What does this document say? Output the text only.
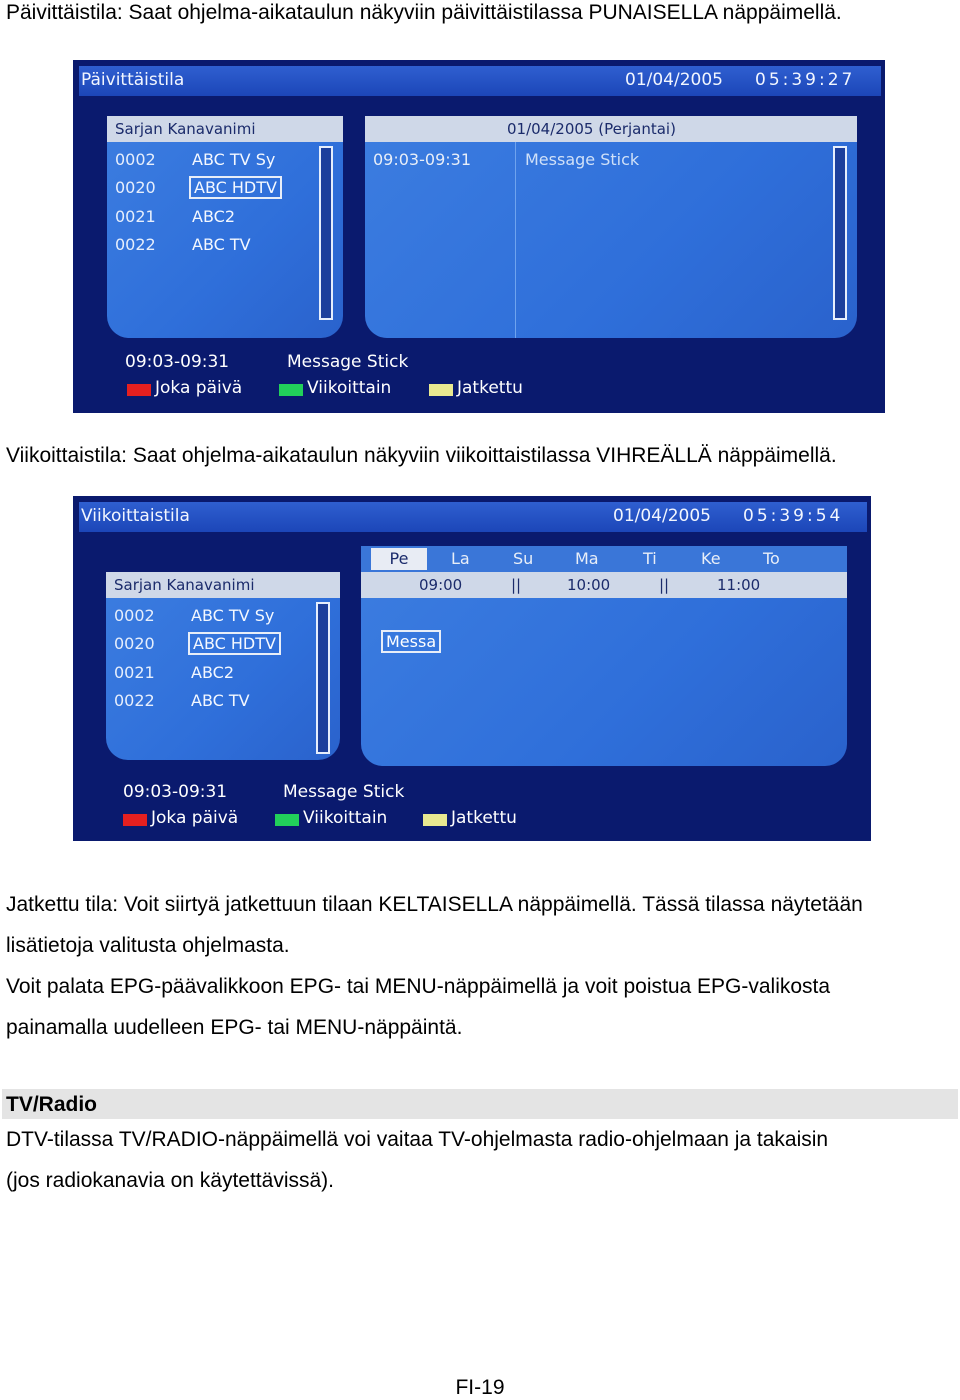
Päivittäistila: Saat ohjelma-aikataulun näkyviin päivittäistilassa PUNAISELLA näppäimellä.

Päivittäistila	01/04/2005 05:39:27
Sarjan Kanavanimi
0002 ABC TV Sy
0020	ABC HDTV
0021 ABC2
0022 ABC TV
01/04/2005 (Perjantai)
09:03-09:31	Message Stick
09:03-09:31	Message Stick
Joka päivä	Viikoittain	Jatkettu

Viikoittaistila: Saat ohjelma-aikataulun näkyviin viikoittaistilassa VIHREÄLLÄ näppäimellä.

Viikoittaistila	01/04/2005 05:39:54
Sarjan Kanavanimi
0002 ABC TV Sy
0020	ABC HDTV
0021 ABC2
0022 ABC TV
Pe	La	Su	Ma	Ti	Ke	To
09:00	||	10:00	||	11:00
Messa
09:03-09:31	Message Stick
Joka päivä	Viikoittain	Jatkettu

Jatkettu tila: Voit siirtyä jatkettuun tilaan KELTAISELLA näppäimellä. Tässä tilassa näytetään

lisätietoja valitusta ohjelmasta.

Voit palata EPG-päävalikkoon EPG- tai MENU-näppäimellä ja voit poistua EPG-valikosta

painamalla uudelleen EPG- tai MENU-näppäintä.

TV/Radio

DTV-tilassa TV/RADIO-näppäimellä voi vaitaa TV-ohjelmasta radio-ohjelmaan ja takaisin

(jos radiokanavia on käytettävissä).

FI-19
